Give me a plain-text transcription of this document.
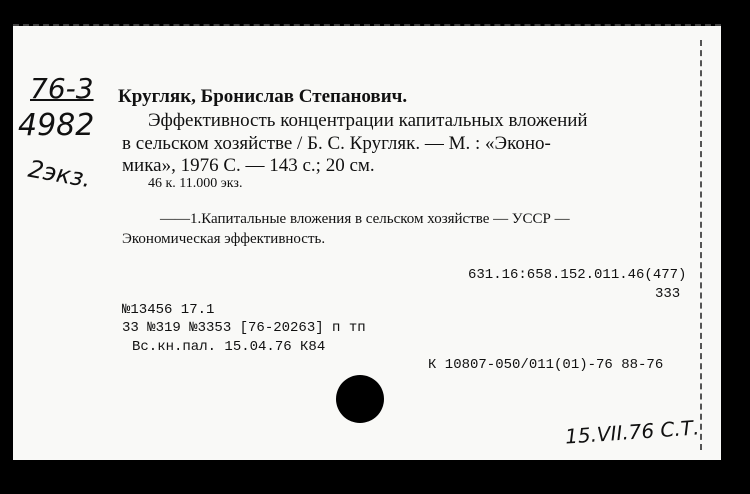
76-3
4982
2экз.
Кругляк, Бронислав Степанович.
Эффективность концентрации капитальных вложений
в сельском хозяйстве / Б. С. Кругляк. — М. : «Эконо-
мика», 1976 С. — 143 с.; 20 см.
46 к. 11.000 экз.
——1.Капитальные вложения в сельском хозяйстве — УССР —
Экономическая эффективность.
631.16:658.152.011.46(477)
333
№13456 17.1
33 №319 №3353 [76-20263] п тп
Вс.кн.пал. 15.04.76 К84
К 10807-050/011(01)-76 88-76
15.VII.76 С.Т.
